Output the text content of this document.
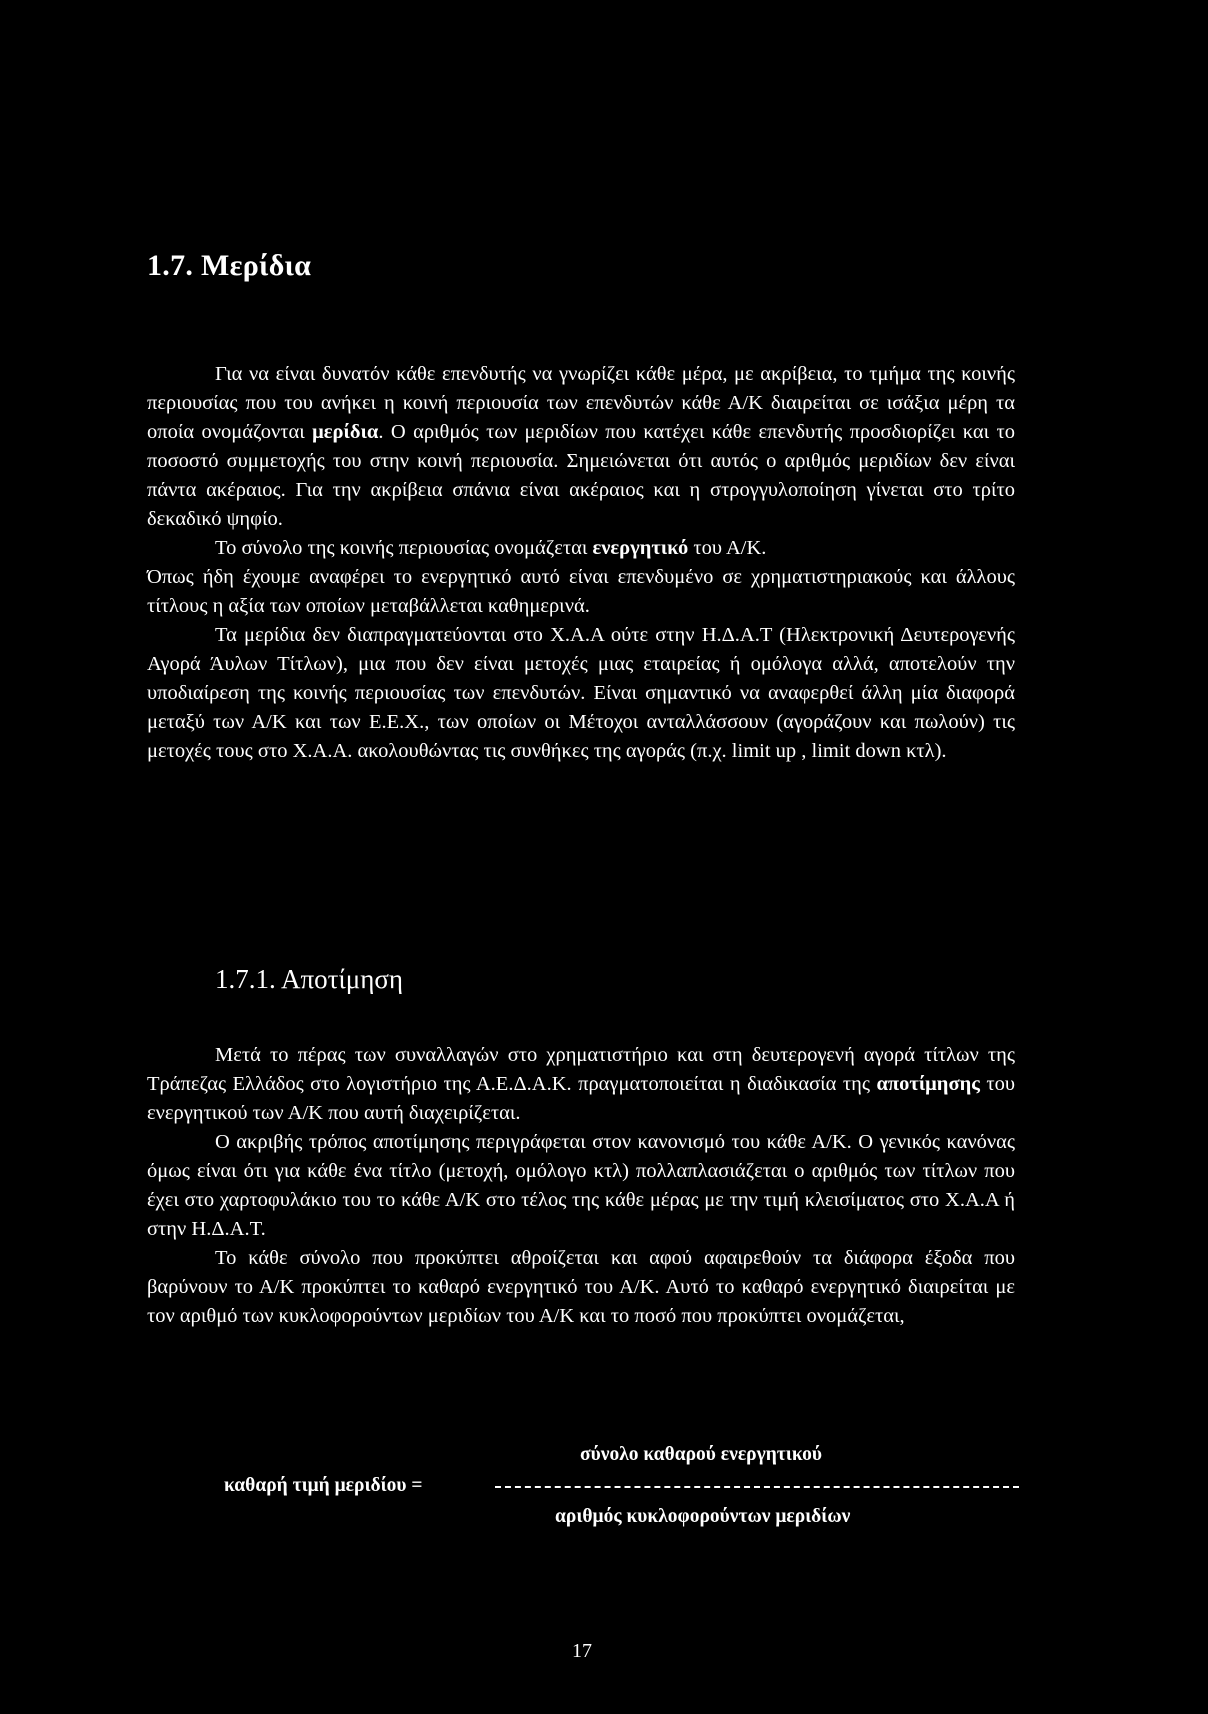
1.7. Μερίδια

Για να είναι δυνατόν κάθε επενδυτής να γνωρίζει κάθε μέρα, με ακρίβεια, το τμήμα της κοινής περιουσίας που του ανήκει η κοινή περιουσία των επενδυτών κάθε Α/Κ διαιρείται σε ισάξια μέρη τα οποία ονομάζονται μερίδια. Ο αριθμός των μεριδίων που κατέχει κάθε επενδυτής προσδιορίζει και το ποσοστό συμμετοχής του στην κοινή περιουσία. Σημειώνεται ότι αυτός ο αριθμός μεριδίων δεν είναι πάντα ακέραιος. Για την ακρίβεια σπάνια είναι ακέραιος και η στρογγυλοποίηση γίνεται στο τρίτο δεκαδικό ψηφίο.

Το σύνολο της κοινής περιουσίας ονομάζεται ενεργητικό του Α/Κ.

Όπως ήδη έχουμε αναφέρει το ενεργητικό αυτό είναι επενδυμένο σε χρηματιστηριακούς και άλλους τίτλους η αξία των οποίων μεταβάλλεται καθημερινά.

Τα μερίδια δεν διαπραγματεύονται στο Χ.Α.Α ούτε στην Η.Δ.Α.Τ (Ηλεκτρονική Δευτερογενής Αγορά Άυλων Τίτλων), μια που δεν είναι μετοχές μιας εταιρείας ή ομόλογα αλλά, αποτελούν την υποδιαίρεση της κοινής περιουσίας των επενδυτών. Είναι σημαντικό να αναφερθεί άλλη μία διαφορά μεταξύ των Α/Κ και των Ε.Ε.Χ., των οποίων οι Μέτοχοι ανταλλάσσουν (αγοράζουν και πωλούν) τις μετοχές τους στο Χ.Α.Α. ακολουθώντας τις συνθήκες της αγοράς (π.χ. limit up , limit down κτλ).

1.7.1. Αποτίμηση

Μετά το πέρας των συναλλαγών στο χρηματιστήριο και στη δευτερογενή αγορά τίτλων της Τράπεζας Ελλάδος στο λογιστήριο της Α.Ε.Δ.Α.Κ. πραγματοποιείται η διαδικασία της αποτίμησης του ενεργητικού των Α/Κ που αυτή διαχειρίζεται.

Ο ακριβής τρόπος αποτίμησης περιγράφεται στον κανονισμό του κάθε Α/Κ. Ο γενικός κανόνας όμως είναι ότι για κάθε ένα τίτλο (μετοχή, ομόλογο κτλ) πολλαπλασιάζεται ο αριθμός των τίτλων που έχει στο χαρτοφυλάκιο του το κάθε Α/Κ στο τέλος της κάθε μέρας με την τιμή κλεισίματος στο Χ.Α.Α ή στην Η.Δ.Α.Τ.

Το κάθε σύνολο που προκύπτει αθροίζεται και αφού αφαιρεθούν τα διάφορα έξοδα που βαρύνουν το Α/Κ προκύπτει το καθαρό ενεργητικό του Α/Κ. Αυτό το καθαρό ενεργητικό διαιρείται με τον αριθμό των κυκλοφορούντων μεριδίων του Α/Κ και το ποσό που προκύπτει ονομάζεται,

σύνολο καθαρού ενεργητικού
καθαρή τιμή μεριδίου =
αριθμός κυκλοφορούντων μεριδίων
17
